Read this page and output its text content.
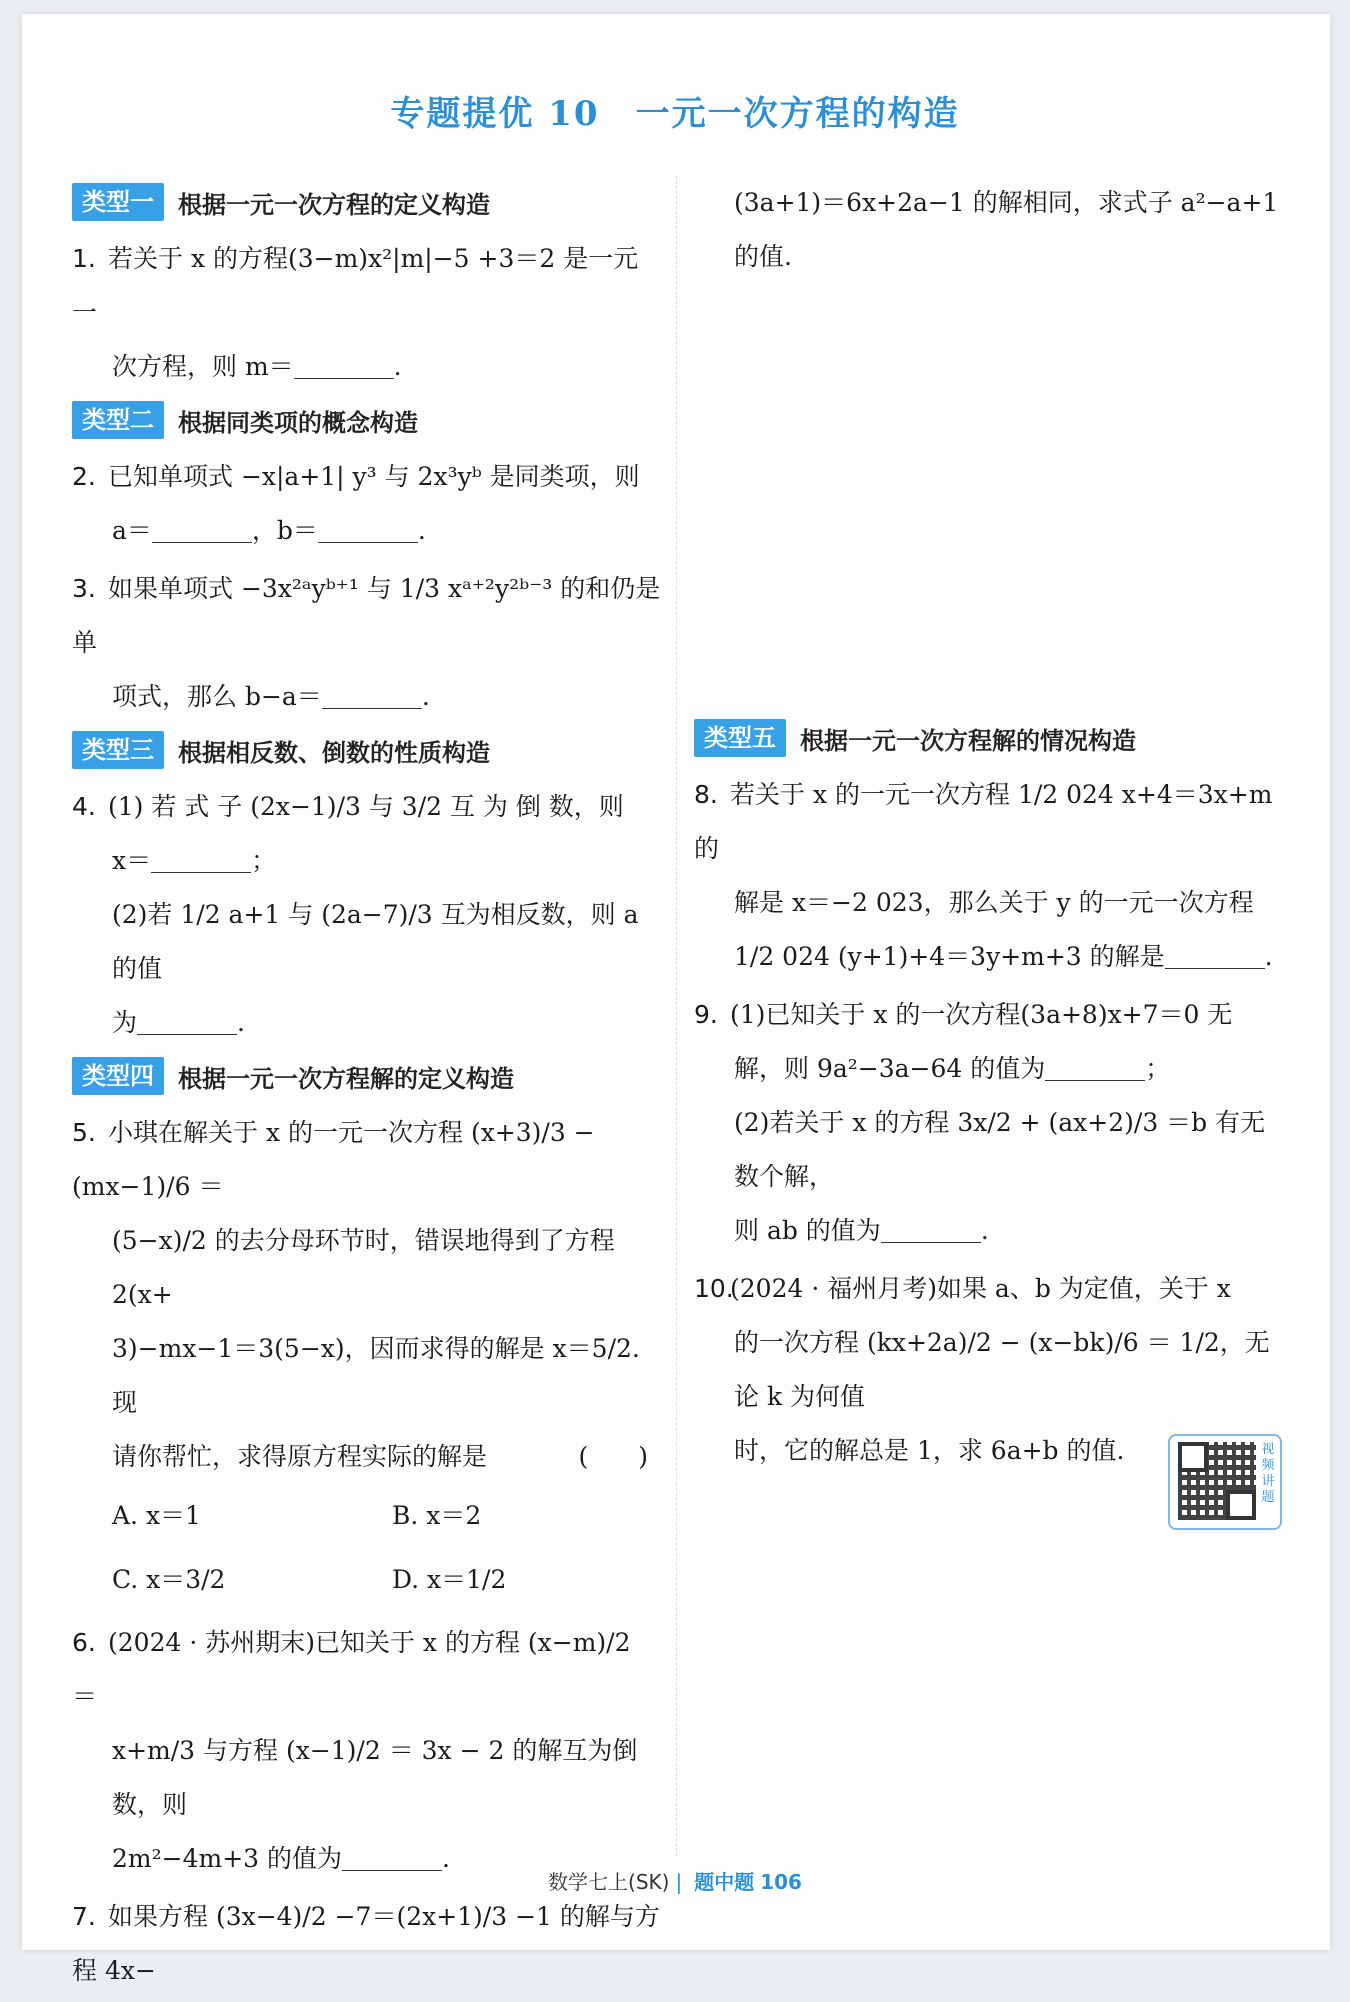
专题提优 10 一元一次方程的构造
类型一	根据一元一次方程的定义构造
1. 若关于 x 的方程(3−m)x²|m|−5 +3＝2 是一元一
次方程，则 m＝	.
类型二	根据同类项的概念构造
2. 已知单项式 −x|a+1| y³ 与 2x³yᵇ 是同类项，则
a＝	，b＝	.
3. 如果单项式 −3x²ᵃyᵇ⁺¹ 与 1/3 xᵃ⁺²y²ᵇ⁻³ 的和仍是单
项式，那么 b−a＝	.
类型三	根据相反数、倒数的性质构造
4. (1) 若 式 子 (2x−1)/3 与 3/2 互 为 倒 数，则
x＝	；
(2)若 1/2 a+1 与 (2a−7)/3 互为相反数，则 a 的值
为	.
类型四	根据一元一次方程解的定义构造
5. 小琪在解关于 x 的一元一次方程 (x+3)/3 − (mx−1)/6 ＝
(5−x)/2 的去分母环节时，错误地得到了方程2(x+
3)−mx−1＝3(5−x)，因而求得的解是 x＝5/2.现
请你帮忙，求得原方程实际的解是	(　　)
A. x＝1	B. x＝2
C. x＝3/2	D. x＝1/2
6. (2024 · 苏州期末)已知关于 x 的方程 (x−m)/2 ＝
x+m/3 与方程 (x−1)/2 ＝ 3x − 2 的解互为倒数，则
2m²−4m+3 的值为	.
7. 如果方程 (3x−4)/2 −7＝(2x+1)/3 −1 的解与方程 4x−
(3a+1)＝6x+2a−1 的解相同，求式子 a²−a+1
的值.
类型五	根据一元一次方程解的情况构造
8. 若关于 x 的一元一次方程 1/2 024 x+4＝3x+m 的
解是 x＝−2 023，那么关于 y 的一元一次方程
1/2 024 (y+1)+4＝3y+m+3 的解是	.
9. (1)已知关于 x 的一次方程(3a+8)x+7＝0 无
解，则 9a²−3a−64 的值为	；
(2)若关于 x 的方程 3x/2 + (ax+2)/3 ＝b 有无数个解，
则 ab 的值为	.
10.(2024 · 福州月考)如果 a、b 为定值，关于 x
的一次方程 (kx+2a)/2 − (x−bk)/6 ＝ 1/2，无论 k 为何值
时，它的解总是 1，求 6a+b 的值.	视频讲题
数学七上(SK) | 题中题 106
